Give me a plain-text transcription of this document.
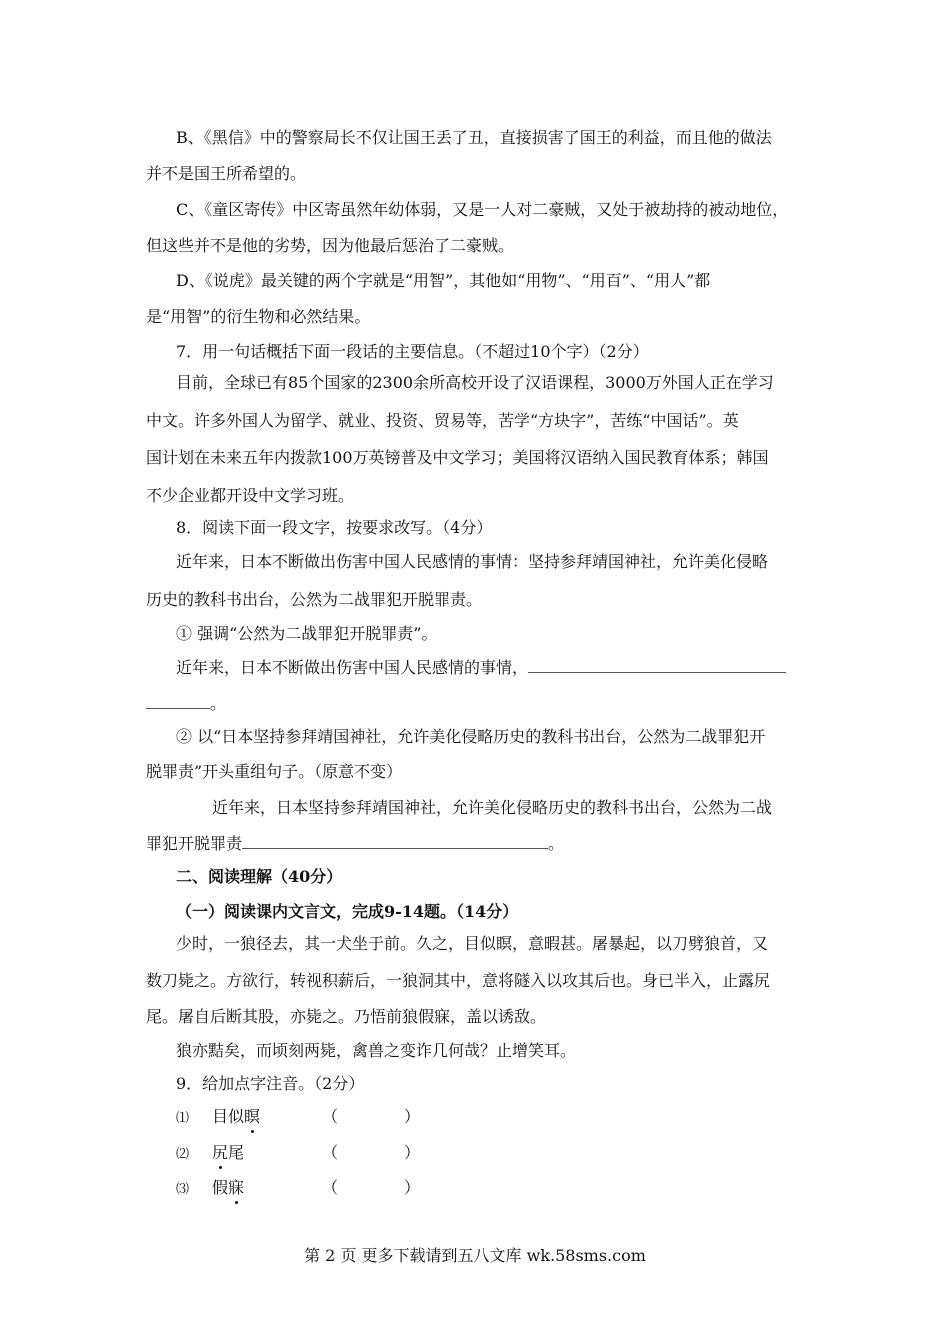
B、《黑信》中的警察局长不仅让国王丢了丑，直接损害了国王的利益，而且他的做法
并不是国王所希望的。
C、《童区寄传》中区寄虽然年幼体弱，又是一人对二豪贼，又处于被劫持的被动地位，
但这些并不是他的劣势，因为他最后惩治了二豪贼。
D、《说虎》最关键的两个字就是“用智”，其他如“用物”、“用百”、“用人”都
是“用智”的衍生物和必然结果。
7．用一句话概括下面一段话的主要信息。（不超过10个字）（2分）
目前，全球已有85个国家的2300余所高校开设了汉语课程，3000万外国人正在学习
中文。许多外国人为留学、就业、投资、贸易等，苦学“方块字”，苦练“中国话”。英
国计划在未来五年内拨款100万英镑普及中文学习；美国将汉语纳入国民教育体系；韩国
不少企业都开设中文学习班。
8．阅读下面一段文字，按要求改写。（4分）
近年来，日本不断做出伤害中国人民感情的事情：坚持参拜靖国神社，允许美化侵略
历史的教科书出台，公然为二战罪犯开脱罪责。
① 强调“公然为二战罪犯开脱罪责”。
近年来，日本不断做出伤害中国人民感情的事情，
。
② 以“日本坚持参拜靖国神社，允许美化侵略历史的教科书出台，公然为二战罪犯开
脱罪责”开头重组句子。（原意不变）
近年来，日本坚持参拜靖国神社，允许美化侵略历史的教科书出台，公然为二战
罪犯开脱罪责	。
二、阅读理解（40分）
（一）阅读课内文言文，完成9-14题。（14分）
少时，一狼径去，其一犬坐于前。久之，目似瞑，意暇甚。屠暴起，以刀劈狼首，又
数刀毙之。方欲行，转视积薪后，一狼洞其中，意将隧入以攻其后也。身已半入，止露尻
尾。屠自后断其股，亦毙之。乃悟前狼假寐，盖以诱敌。
狼亦黠矣，而顷刻两毙，禽兽之变诈几何哉？止增笑耳。
9．给加点字注音。（2分）
⑴ 目似瞑	（	）
⑵ 尻尾	（	）
⑶ 假寐	（	）
第 2 页 更多下载请到五八文库 wk.58sms.com
